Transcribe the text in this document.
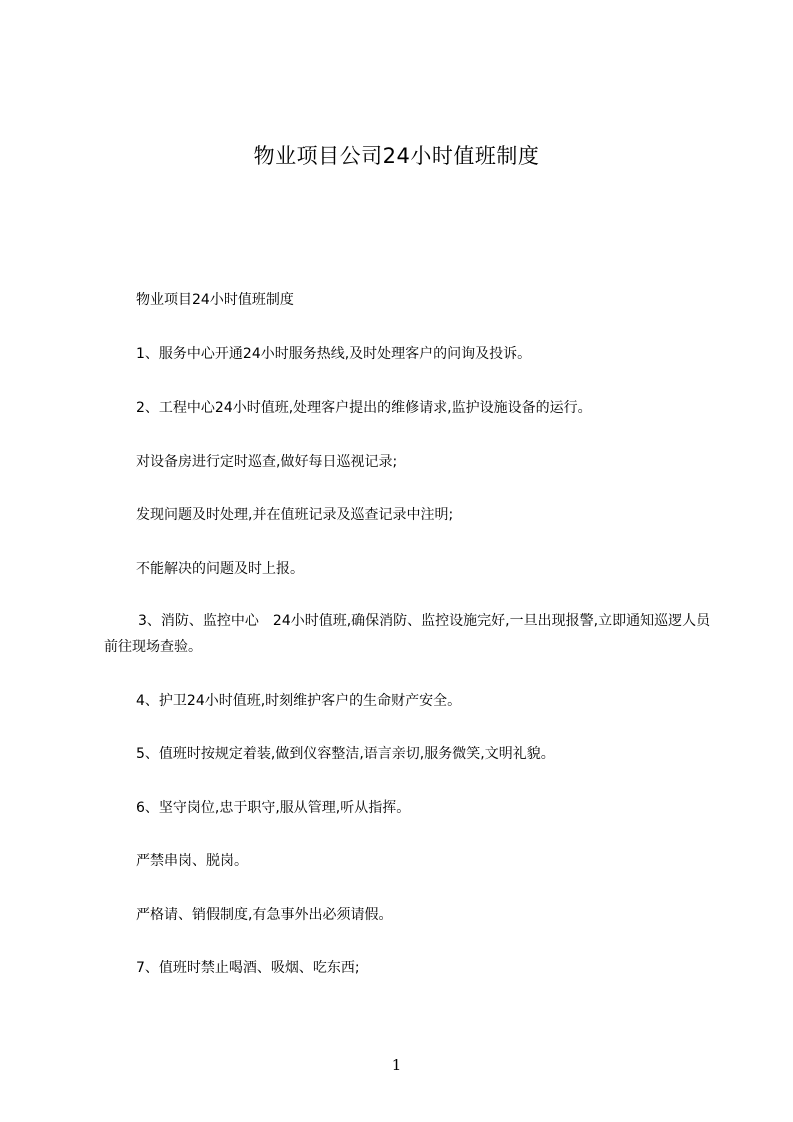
物业项目公司24小时值班制度

物业项目24小时值班制度

1、服务中心开通24小时服务热线,及时处理客户的问询及投诉。

2、工程中心24小时值班,处理客户提出的维修请求,监护设施设备的运行。

对设备房进行定时巡查,做好每日巡视记录;

发现问题及时处理,并在值班记录及巡查记录中注明;

不能解决的问题及时上报。

3、消防、监控中心　24小时值班,确保消防、监控设施完好,一旦出现报警,立即通知巡逻人员前往现场查验。

4、护卫24小时值班,时刻维护客户的生命财产安全。

5、值班时按规定着装,做到仪容整洁,语言亲切,服务微笑,文明礼貌。

6、坚守岗位,忠于职守,服从管理,听从指挥。

严禁串岗、脱岗。

严格请、销假制度,有急事外出必须请假。

7、值班时禁止喝酒、吸烟、吃东西;

1
